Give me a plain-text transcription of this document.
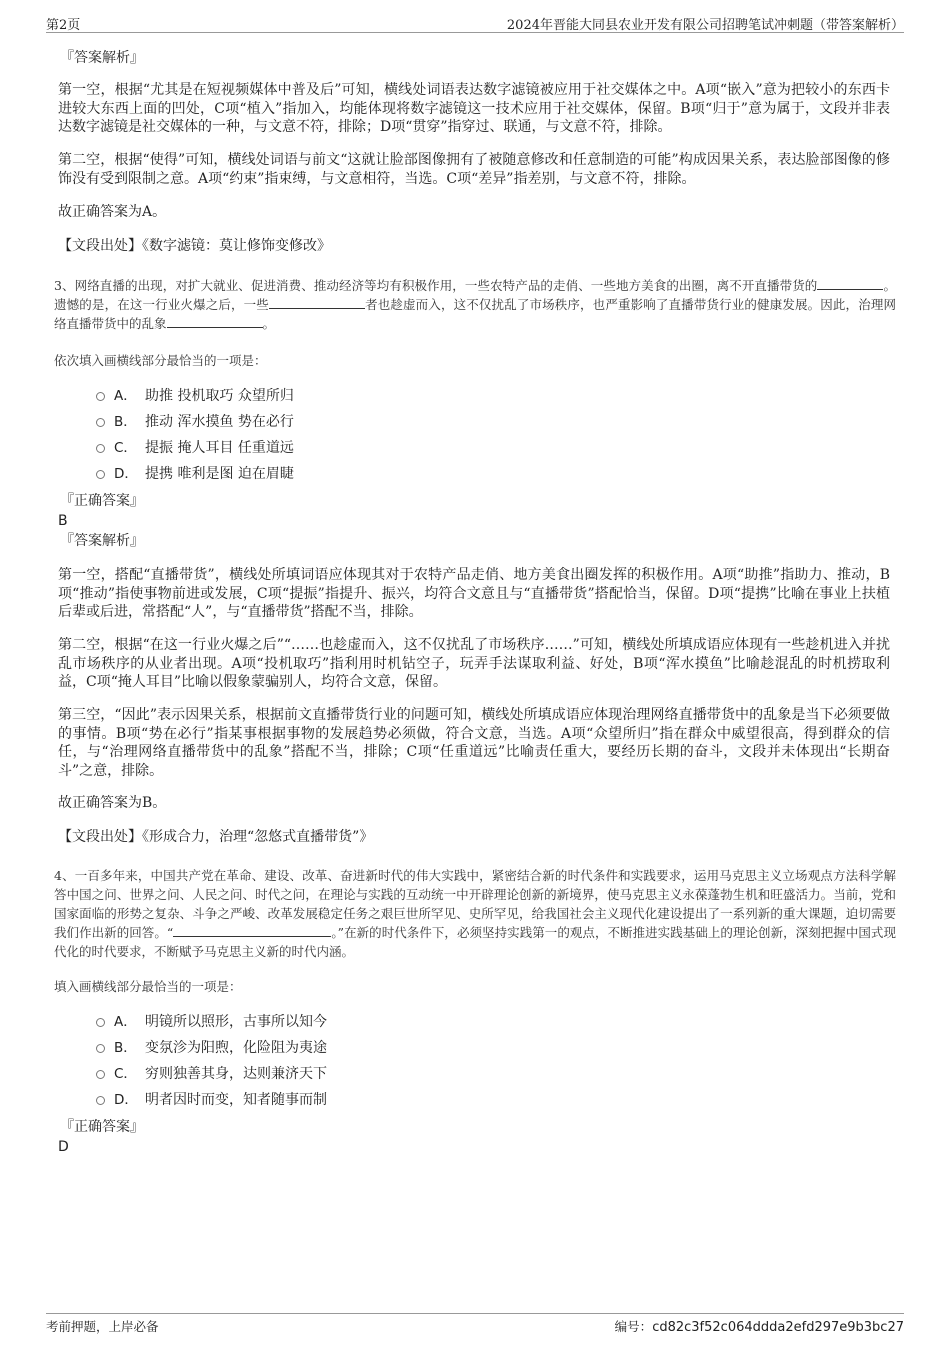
第2页	2024年晋能大同县农业开发有限公司招聘笔试冲刺题（带答案解析）
『答案解析』
第一空，根据“尤其是在短视频媒体中普及后”可知，横线处词语表达数字滤镜被应用于社交媒体之中。A项“嵌入”意为把较小的东西卡进较大东西上面的凹处，C项“植入”指加入，均能体现将数字滤镜这一技术应用于社交媒体，保留。B项“归于”意为属于，文段并非表达数字滤镜是社交媒体的一种，与文意不符，排除；D项“贯穿”指穿过、联通，与文意不符，排除。
第二空，根据“使得”可知，横线处词语与前文“这就让脸部图像拥有了被随意修改和任意制造的可能”构成因果关系，表达脸部图像的修饰没有受到限制之意。A项“约束”指束缚，与文意相符，当选。C项“差异”指差别，与文意不符，排除。
故正确答案为A。
【文段出处】《数字滤镜：莫让修饰变修改》
3、网络直播的出现，对扩大就业、促进消费、推动经济等均有积极作用，一些农特产品的走俏、一些地方美食的出圈，离不开直播带货的	。遗憾的是，在这一行业火爆之后，一些	者也趁虚而入，这不仅扰乱了市场秩序，也严重影响了直播带货行业的健康发展。因此，治理网络直播带货中的乱象	。
依次填入画横线部分最恰当的一项是：
A． 助推 投机取巧 众望所归
B． 推动 浑水摸鱼 势在必行
C． 提振 掩人耳目 任重道远
D． 提携 唯利是图 迫在眉睫
『正确答案』
B
『答案解析』
第一空，搭配“直播带货”，横线处所填词语应体现其对于农特产品走俏、地方美食出圈发挥的积极作用。A项“助推”指助力、推动，B项“推动”指使事物前进或发展，C项“提振”指提升、振兴，均符合文意且与“直播带货”搭配恰当，保留。D项“提携”比喻在事业上扶植后辈或后进，常搭配“人”，与“直播带货”搭配不当，排除。
第二空，根据“在这一行业火爆之后”“……也趁虚而入，这不仅扰乱了市场秩序……”可知，横线处所填成语应体现有一些趁机进入并扰乱市场秩序的从业者出现。A项“投机取巧”指利用时机钻空子，玩弄手法谋取利益、好处，B项“浑水摸鱼”比喻趁混乱的时机捞取利益，C项“掩人耳目”比喻以假象蒙骗别人，均符合文意，保留。
第三空，“因此”表示因果关系，根据前文直播带货行业的问题可知，横线处所填成语应体现治理网络直播带货中的乱象是当下必须要做的事情。B项“势在必行”指某事根据事物的发展趋势必须做，符合文意，当选。A项“众望所归”指在群众中威望很高，得到群众的信任，与“治理网络直播带货中的乱象”搭配不当，排除；C项“任重道远”比喻责任重大，要经历长期的奋斗，文段并未体现出“长期奋斗”之意，排除。
故正确答案为B。
【文段出处】《形成合力，治理“忽悠式直播带货”》
4、一百多年来，中国共产党在革命、建设、改革、奋进新时代的伟大实践中，紧密结合新的时代条件和实践要求，运用马克思主义立场观点方法科学解答中国之问、世界之问、人民之问、时代之问，在理论与实践的互动统一中开辟理论创新的新境界，使马克思主义永葆蓬勃生机和旺盛活力。当前，党和国家面临的形势之复杂、斗争之严峻、改革发展稳定任务之艰巨世所罕见、史所罕见，给我国社会主义现代化建设提出了一系列新的重大课题，迫切需要我们作出新的回答。“	。”在新的时代条件下，必须坚持实践第一的观点，不断推进实践基础上的理论创新，深刻把握中国式现代化的时代要求，不断赋予马克思主义新的时代内涵。
填入画横线部分最恰当的一项是：
A． 明镜所以照形，古事所以知今
B． 变氛沴为阳煦，化险阻为夷途
C． 穷则独善其身，达则兼济天下
D． 明者因时而变，知者随事而制
『正确答案』
D
考前押题，上岸必备	编号：cd82c3f52c064ddda2efd297e9b3bc27
